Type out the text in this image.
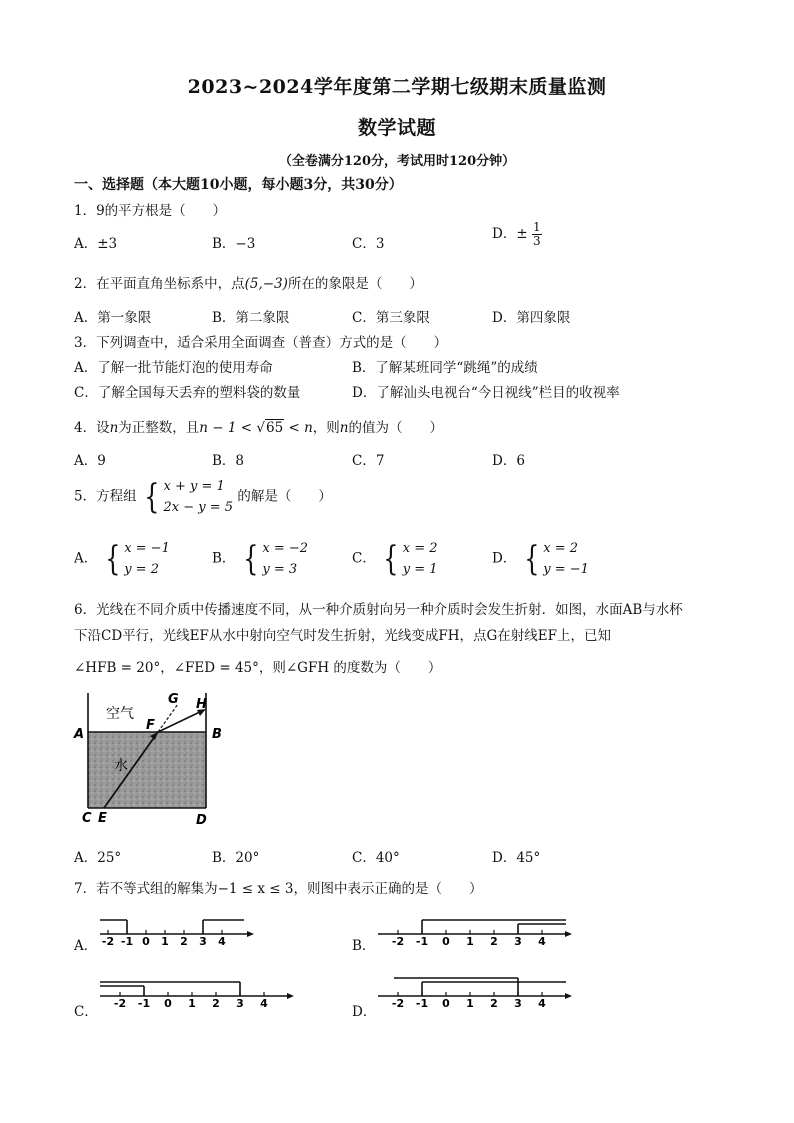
2023~2024学年度第二学期七级期末质量监测
数学试题
（全卷满分120分，考试用时120分钟）
一、选择题（本大题10小题，每小题3分，共30分）
1．9的平方根是（　　）
A．±3	B．−3	C．3
D．± $\frac{1}{3}$
2．在平面直角坐标系中，点(5,−3)所在的象限是（　　）
A．第一象限	B．第二象限	C．第三象限	D．第四象限
3．下列调查中，适合采用全面调查（普查）方式的是（　　）
A．了解一批节能灯泡的使用寿命	B．了解某班同学“跳绳”的成绩
C．了解全国每天丢弃的塑料袋的数量	D．了解汕头电视台“今日视线”栏目的收视率
4．设n为正整数，且n − 1 < √65 < n，则n的值为（　　）
A．9	B．8	C．7	D．6
5．方程组 { x + y = 1
2x − y = 5
的解是（　　）
A． { x = −1
y = 2
B． { x = −2
y = 3
C． { x = 2
y = 1
D． { x = 2
y = −1
6．光线在不同介质中传播速度不同，从一种介质射向另一种介质时会发生折射．如图，水面AB与水杯
下沿CD平行，光线EF从水中射向空气时发生折射，光线变成FH，点G在射线EF上，已知
∠HFB = 20°，∠FED = 45°，则∠GFH 的度数为（　　）
空气
水
A	B
C E	D
F
G H
A．25°	B．20°	C．40°	D．45°
7．若不等式组的解集为−1 ≤ x ≤ 3，则图中表示正确的是（　　）
A．	B．
C．	D．
-2 -1 0 1 2 3 4	-2 -1 0 1 2 3 4
-2 -1 0 1 2 3 4	-2 -1 0 1 2 3 4
